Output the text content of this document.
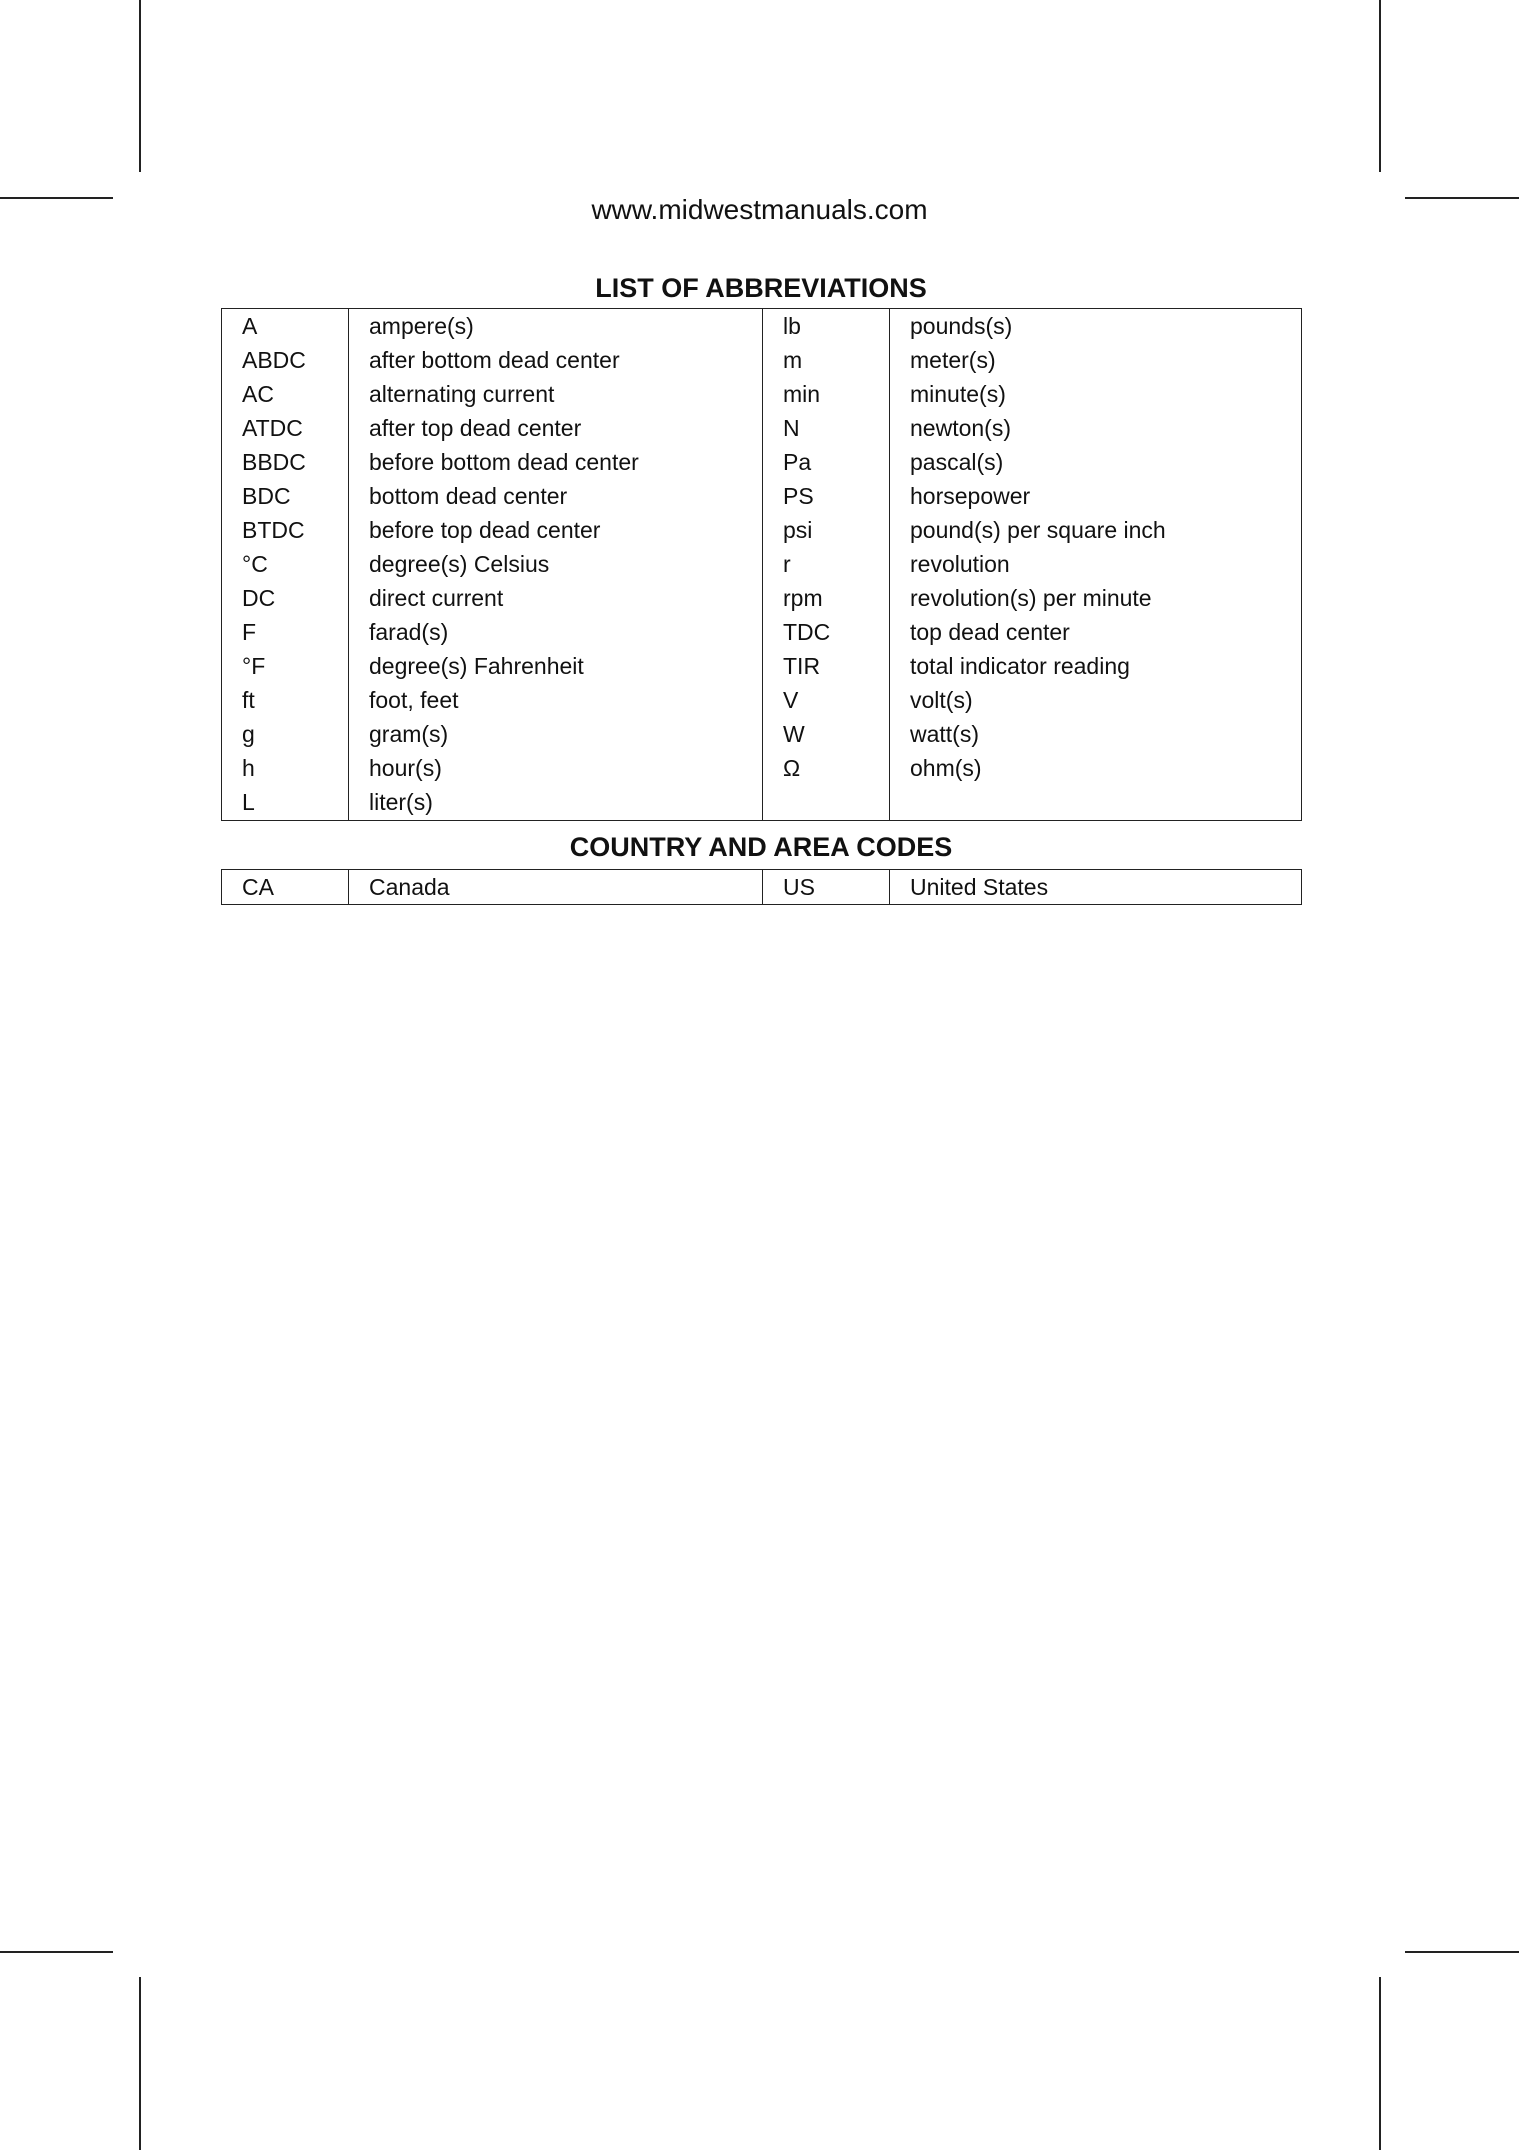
www.midwestmanuals.com
LIST OF ABBREVIATIONS
A	ampere(s)	lb	pounds(s)
ABDC	after bottom dead center	m	meter(s)
AC	alternating current	min	minute(s)
ATDC	after top dead center	N	newton(s)
BBDC	before bottom dead center	Pa	pascal(s)
BDC	bottom dead center	PS	horsepower
BTDC	before top dead center	psi	pound(s) per square inch
°C	degree(s) Celsius	r	revolution
DC	direct current	rpm	revolution(s) per minute
F	farad(s)	TDC	top dead center
°F	degree(s) Fahrenheit	TIR	total indicator reading
ft	foot, feet	V	volt(s)
g	gram(s)	W	watt(s)
h	hour(s)	Ω	ohm(s)
L	liter(s)		
COUNTRY AND AREA CODES
CA	Canada	US	United States
